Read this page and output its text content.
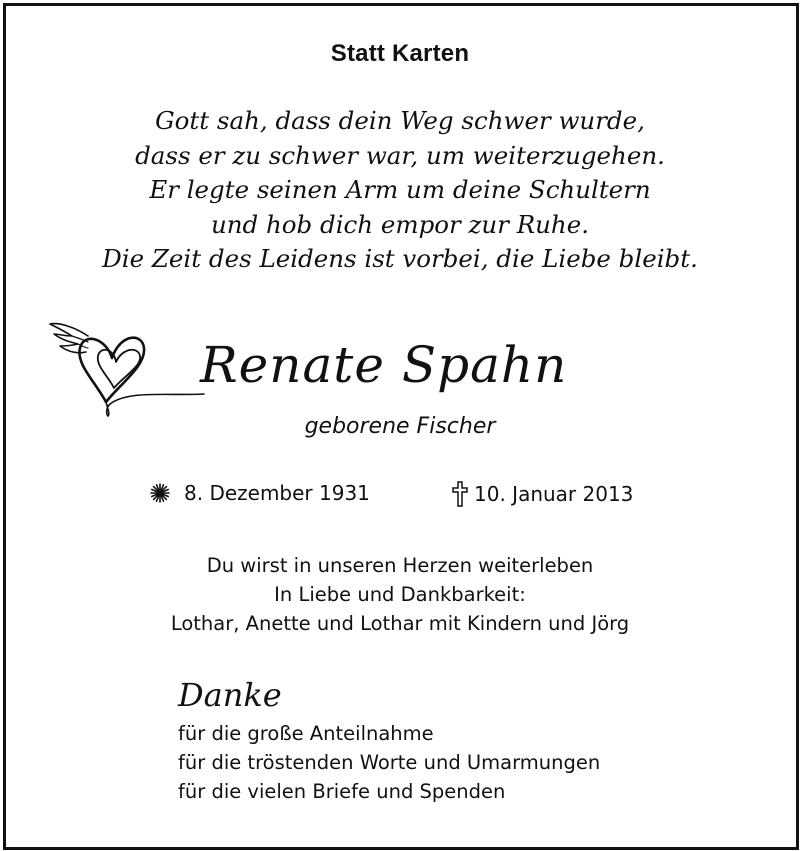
Statt Karten
Gott sah, dass dein Weg schwer wurde,
dass er zu schwer war, um weiterzugehen.
Er legte seinen Arm um deine Schultern
und hob dich empor zur Ruhe.
Die Zeit des Leidens ist vorbei, die Liebe bleibt.
Renate Spahn
geborene Fischer
8. Dezember 1931	10. Januar 2013
Du wirst in unseren Herzen weiterleben
In Liebe und Dankbarkeit:
Lothar, Anette und Lothar mit Kindern und Jörg
Danke
für die große Anteilnahme
für die tröstenden Worte und Umarmungen
für die vielen Briefe und Spenden
